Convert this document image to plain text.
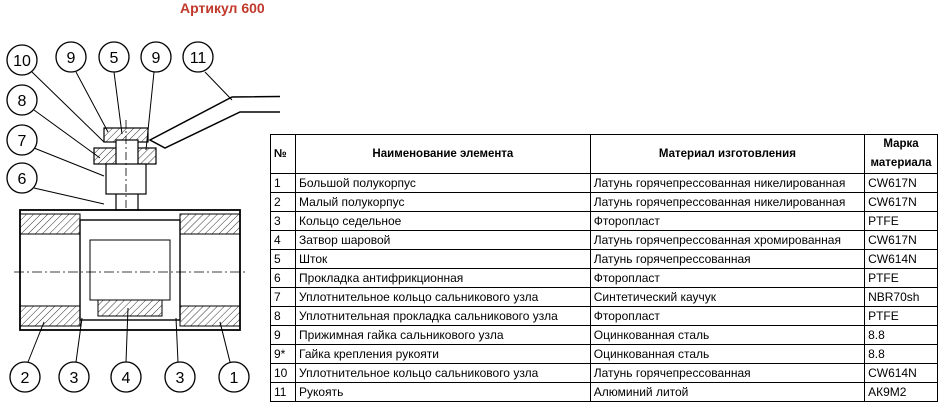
Артикул 600
10 9 5 9 11
8
7
6
2	3	4	3	1
№	Наименование элемента	Материал изготовления	Марка материала
1	Большой полукорпус	Латунь горячепрессованная никелированная	CW617N
2	Малый полукорпус	Латунь горячепрессованная никелированная	CW617N
3	Кольцо седельное	Фторопласт	PTFE
4	Затвор шаровой	Латунь горячепрессованная хромированная	CW617N
5	Шток	Латунь горячепрессованная	CW614N
6	Прокладка антифрикционная	Фторопласт	PTFE
7	Уплотнительное кольцо сальникового узла	Синтетический каучук	NBR70sh
8	Уплотнительная прокладка сальникового узла	Фторопласт	PTFE
9	Прижимная гайка сальникового узла	Оцинкованная сталь	8.8
9*	Гайка крепления рукояти	Оцинкованная сталь	8.8
10	Уплотнительное кольцо сальникового узла	Латунь горячепрессованная	CW614N
11	Рукоять	Алюминий литой	АК9М2
